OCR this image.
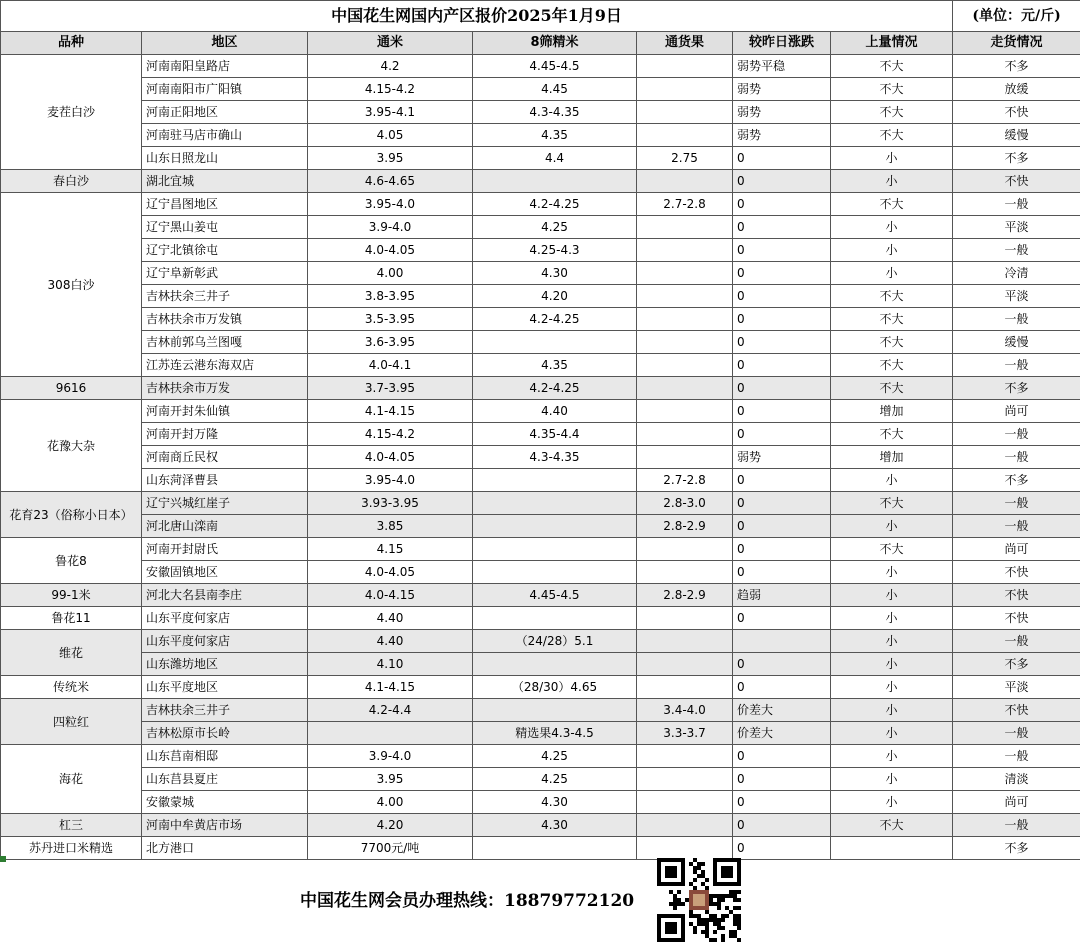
中国花生网国内产区报价2025年1月9日							(单位：元/斤)
品种	地区	通米	8筛精米	通货果	较昨日涨跌	上量情况	走货情况
麦茬白沙	河南南阳皇路店	4.2	4.45-4.5		弱势平稳	不大	不多
	河南南阳市广阳镇	4.15-4.2	4.45		弱势	不大	放缓
	河南正阳地区	3.95-4.1	4.3-4.35		弱势	不大	不快
	河南驻马店市确山	4.05	4.35		弱势	不大	缓慢
	山东日照龙山	3.95	4.4	2.75	0	小	不多
春白沙	湖北宜城	4.6-4.65			0	小	不快
308白沙	辽宁昌图地区	3.95-4.0	4.2-4.25	2.7-2.8	0	不大	一般
	辽宁黑山姜屯	3.9-4.0	4.25		0	小	平淡
	辽宁北镇徐屯	4.0-4.05	4.25-4.3		0	小	一般
	辽宁阜新彰武	4.00	4.30		0	小	冷清
	吉林扶余三井子	3.8-3.95	4.20		0	不大	平淡
	吉林扶余市万发镇	3.5-3.95	4.2-4.25		0	不大	一般
	吉林前郭乌兰图嘎	3.6-3.95			0	不大	缓慢
	江苏连云港东海双店	4.0-4.1	4.35		0	不大	一般
9616	吉林扶余市万发	3.7-3.95	4.2-4.25		0	不大	不多
花豫大杂	河南开封朱仙镇	4.1-4.15	4.40		0	增加	尚可
	河南开封万隆	4.15-4.2	4.35-4.4		0	不大	一般
	河南商丘民权	4.0-4.05	4.3-4.35		弱势	增加	一般
	山东菏泽曹县	3.95-4.0		2.7-2.8	0	小	不多
花育23（俗称小日本）	辽宁兴城红崖子	3.93-3.95		2.8-3.0	0	不大	一般
	河北唐山滦南	3.85		2.8-2.9	0	小	一般
鲁花8	河南开封尉氏	4.15			0	不大	尚可
	安徽固镇地区	4.0-4.05			0	小	不快
99-1米	河北大名县南李庄	4.0-4.15	4.45-4.5	2.8-2.9	趋弱	小	不快
鲁花11	山东平度何家店	4.40			0	小	不快
维花	山东平度何家店	4.40	（24/28）5.1			小	一般
	山东潍坊地区	4.10			0	小	不多
传统米	山东平度地区	4.1-4.15	（28/30）4.65		0	小	平淡
四粒红	吉林扶余三井子	4.2-4.4		3.4-4.0	价差大	小	不快
	吉林松原市长岭		精选果4.3-4.5	3.3-3.7	价差大	小	一般
海花	山东莒南相邸	3.9-4.0	4.25		0	小	一般
	山东莒县夏庄	3.95	4.25		0	小	清淡
	安徽蒙城	4.00	4.30		0	小	尚可
杠三	河南中牟黄店市场	4.20	4.30		0	不大	一般
苏丹进口米精选	北方港口	7700元/吨			0		不多
中国花生网会员办理热线：18879772120
